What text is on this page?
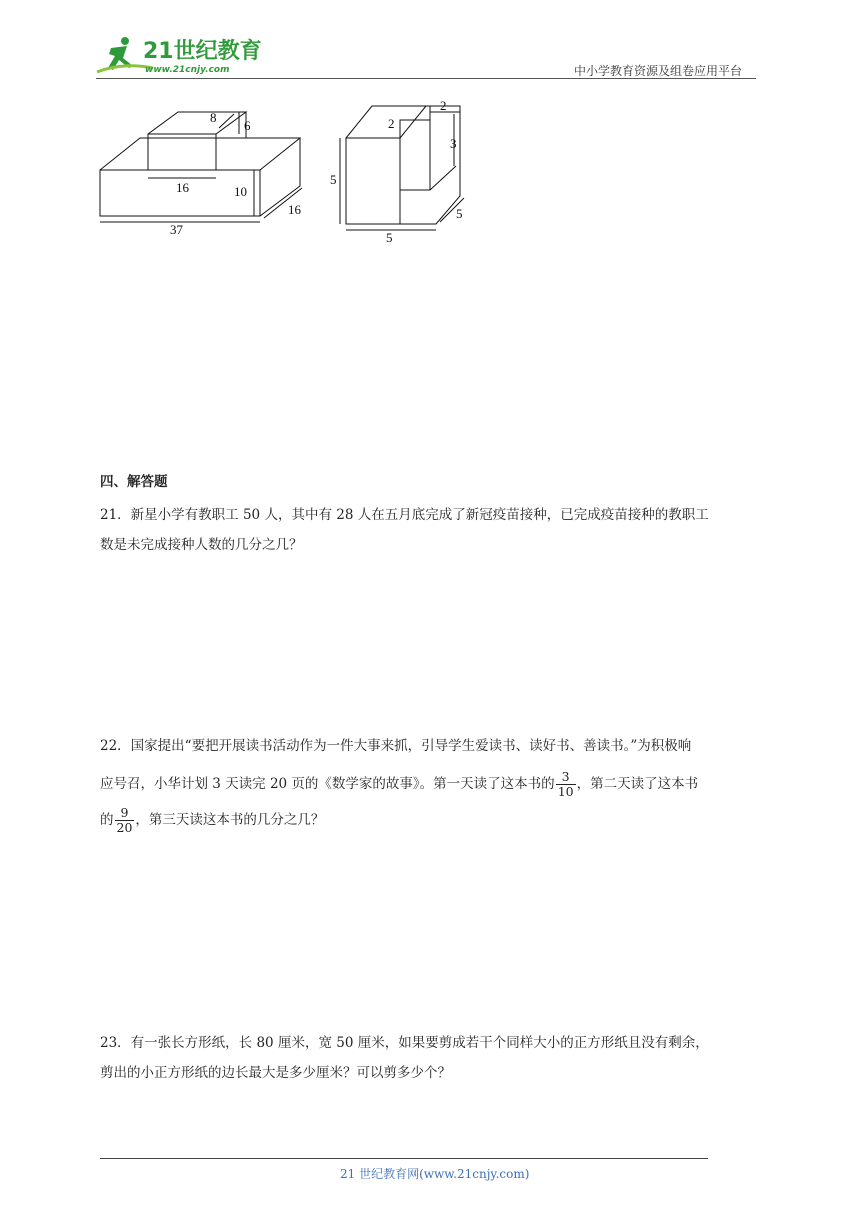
21世纪教育
www.21cnjy.com	中小学教育资源及组卷应用平台
16
8
6
10
37
16
2
2
3
5
5
5
四、解答题
21．新星小学有教职工 50 人，其中有 28 人在五月底完成了新冠疫苗接种，已完成疫苗接种的教职工
数是未完成接种人数的几分之几？
22．国家提出“要把开展读书活动作为一件大事来抓，引导学生爱读书、读好书、善读书。”为积极响
应号召，小华计划 3 天读完 20 页的《数学家的故事》。第一天读了这本书的 $\frac{3}{10}$ ，第二天读了这本书
的 $\frac{9}{20}$ ，第三天读这本书的几分之几？
23．有一张长方形纸，长 80 厘米，宽 50 厘米，如果要剪成若干个同样大小的正方形纸且没有剩余，
剪出的小正方形纸的边长最大是多少厘米？可以剪多少个？
21 世纪教育网(www.21cnjy.com)
